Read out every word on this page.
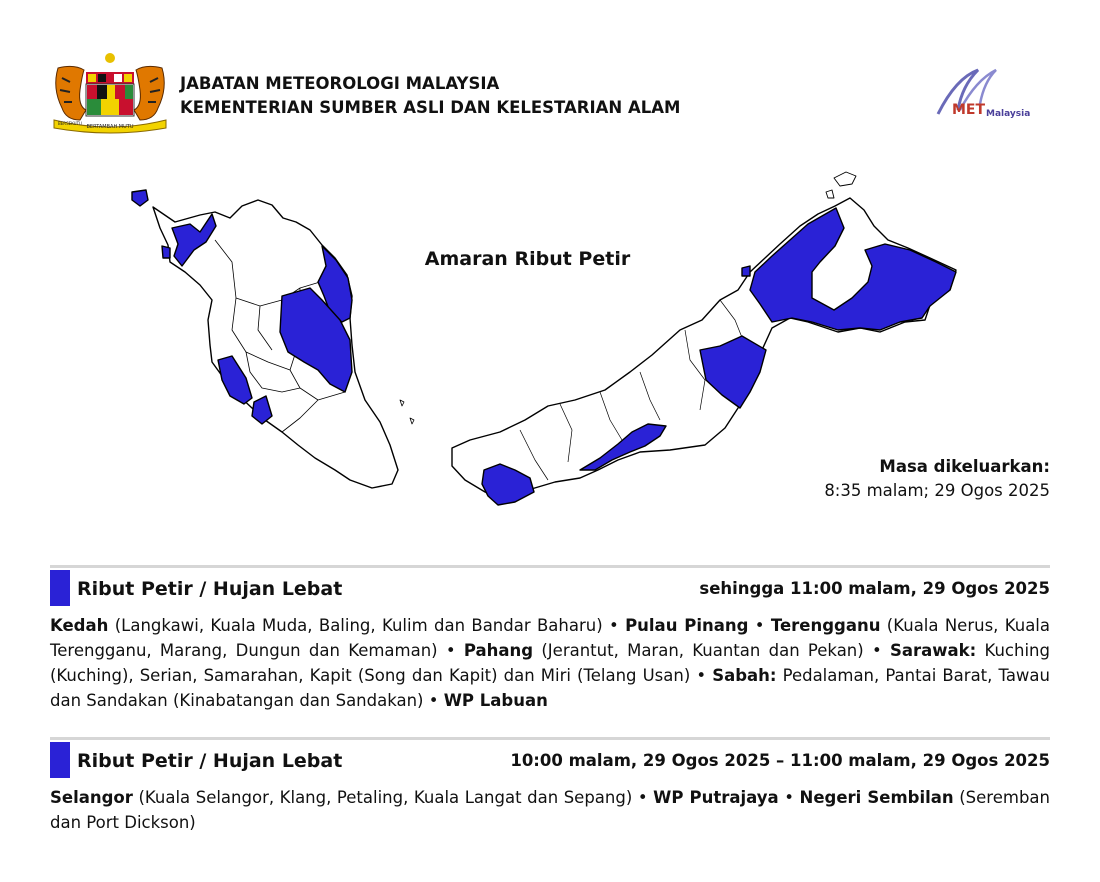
BERTAMBAH MUTU
BERSEKUTU
JABATAN METEOROLOGI MALAYSIA
KEMENTERIAN SUMBER ASLI DAN KELESTARIAN ALAM	MET Malaysia
Amaran Ribut Petir
Masa dikeluarkan:
8:35 malam; 29 Ogos 2025
Ribut Petir / Hujan Lebat	sehingga 11:00 malam, 29 Ogos 2025
Kedah (Langkawi, Kuala Muda, Baling, Kulim dan Bandar Baharu) • Pulau Pinang • Terengganu (Kuala Nerus, Kuala Terengganu, Marang, Dungun dan Kemaman) • Pahang (Jerantut, Maran, Kuantan dan Pekan) • Sarawak: Kuching (Kuching), Serian, Samarahan, Kapit (Song dan Kapit) dan Miri (Telang Usan) • Sabah: Pedalaman, Pantai Barat, Tawau dan Sandakan (Kinabatangan dan Sandakan) • WP Labuan
Ribut Petir / Hujan Lebat	10:00 malam, 29 Ogos 2025 – 11:00 malam, 29 Ogos 2025
Selangor (Kuala Selangor, Klang, Petaling, Kuala Langat dan Sepang) • WP Putrajaya • Negeri Sembilan (Seremban dan Port Dickson)
